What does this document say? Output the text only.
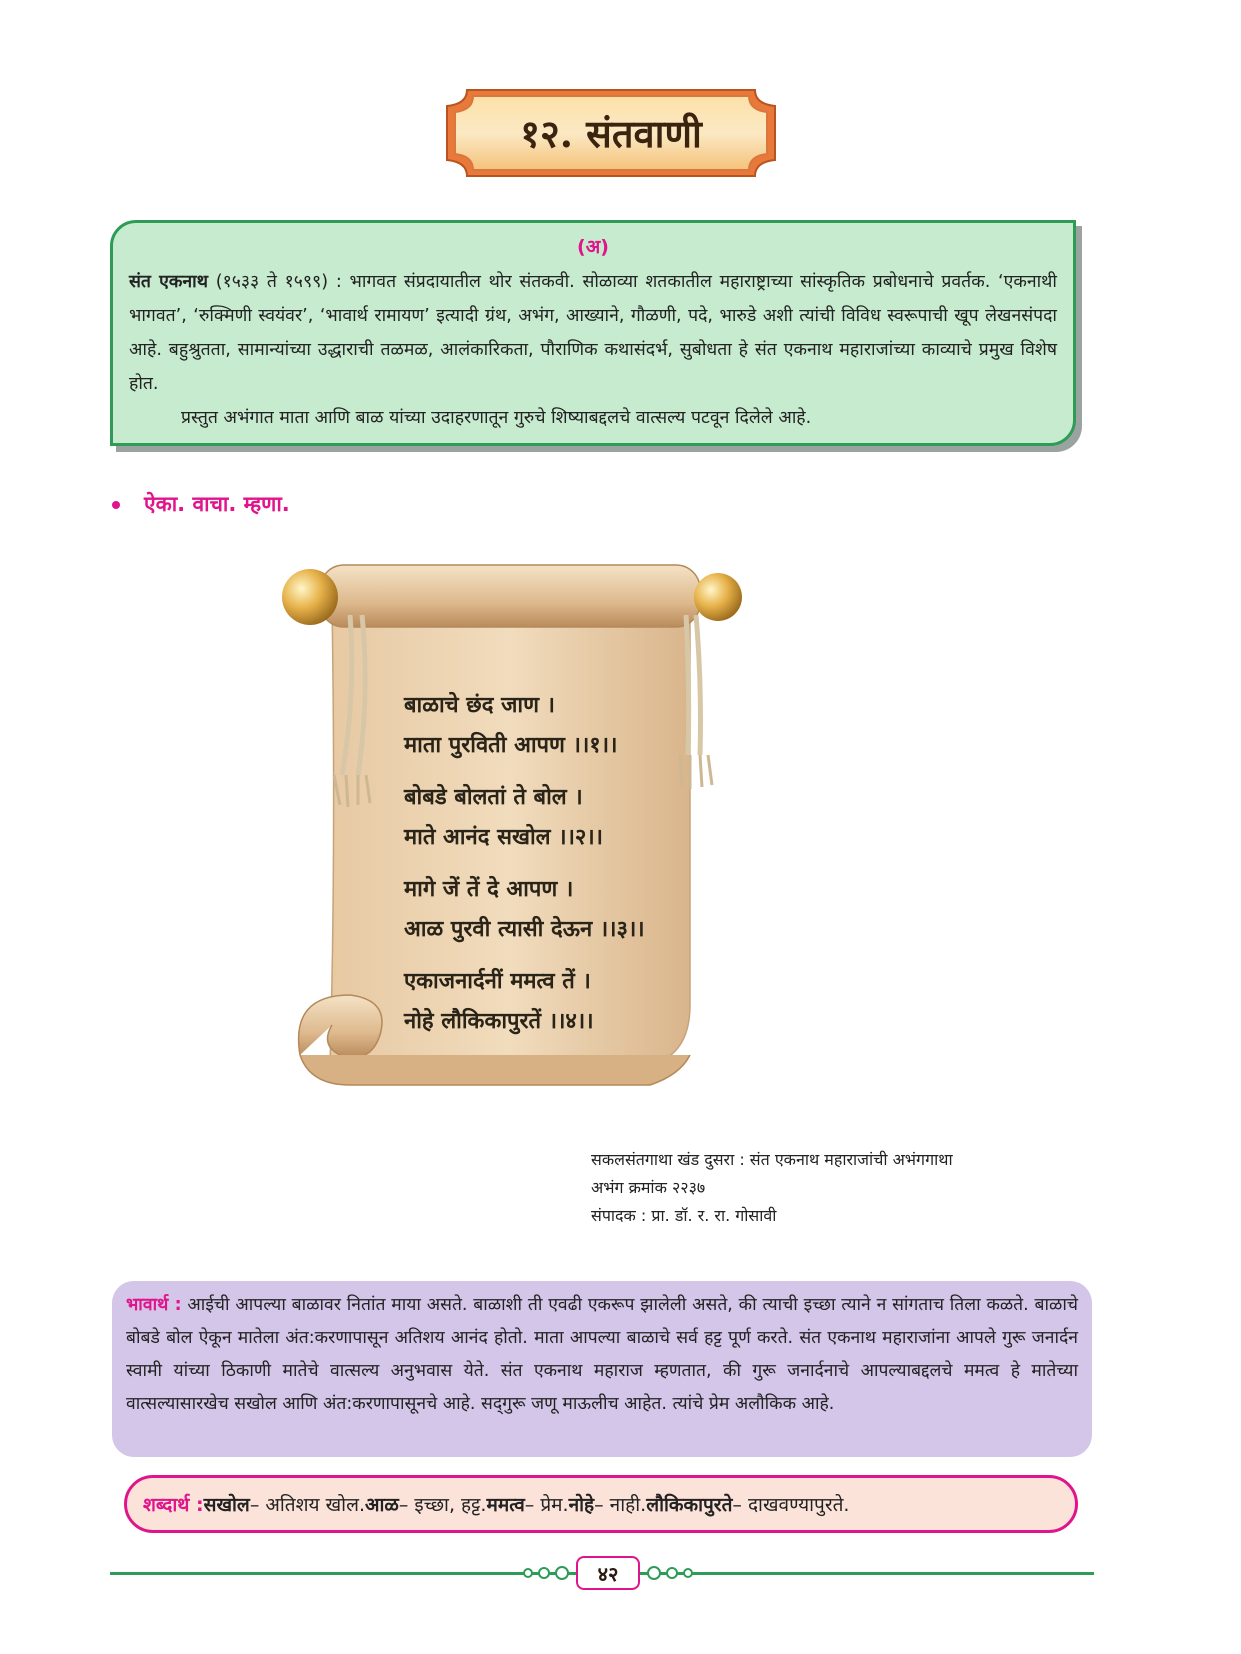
१२. संतवाणी
(अ)

संत एकनाथ (१५३३ ते १५९९) : भागवत संप्रदायातील थोर संतकवी. सोळाव्या शतकातील महाराष्ट्राच्या सांस्कृतिक प्रबोधनाचे प्रवर्तक. ‘एकनाथी भागवत’, ‘रुक्मिणी स्वयंवर’, ‘भावार्थ रामायण’ इत्यादी ग्रंथ, अभंग, आख्याने, गौळणी, पदे, भारुडे अशी त्यांची विविध स्वरूपाची खूप लेखनसंपदा आहे. बहुश्रुतता, सामान्यांच्या उद्धाराची तळमळ, आलंकारिकता, पौराणिक कथासंदर्भ, सुबोधता हे संत एकनाथ महाराजांच्या काव्याचे प्रमुख विशेष होत.

प्रस्तुत अभंगात माता आणि बाळ यांच्या उदाहरणातून गुरुचे शिष्याबद्दलचे वात्सल्य पटवून दिलेले आहे.

ऐका. वाचा. म्हणा.
बाळाचे छंद जाण ।
माता पुरविती आपण ।।१।।
बोबडे बोलतां ते बोल ।
माते आनंद सखोल ।।२।।
मागे जें तें दे आपण ।
आळ पुरवी त्यासी देऊन ।।३।।
एकाजनार्दनीं ममत्व तें ।
नोहे लौकिकापुरतें ।।४।।
सकलसंतगाथा खंड दुसरा : संत एकनाथ महाराजांची अभंगगाथा
अभंग क्रमांक २२३७
संपादक : प्रा. डॉ. र. रा. गोसावी

भावार्थ : आईची आपल्या बाळावर नितांत माया असते. बाळाशी ती एवढी एकरूप झालेली असते, की त्याची इच्छा त्याने न सांगताच तिला कळते. बाळाचे बोबडे बोल ऐकून मातेला अंत:करणापासून अतिशय आनंद होतो. माता आपल्या बाळाचे सर्व हट्ट पूर्ण करते. संत एकनाथ महाराजांना आपले गुरू जनार्दन स्वामी यांच्या ठिकाणी मातेचे वात्सल्य अनुभवास येते. संत एकनाथ महाराज म्हणतात, की गुरू जनार्दनाचे आपल्याबद्दलचे ममत्व हे मातेच्या वात्सल्यासारखेच सखोल आणि अंत:करणापासूनचे आहे. सद्‌गुरू जणू माऊलीच आहेत. त्यांचे प्रेम अलौकिक आहे.

शब्दार्थ : सखोल – अतिशय खोल. आळ – इच्छा, हट्ट. ममत्व – प्रेम. नोहे – नाही. लौकिकापुरते – दाखवण्यापुरते.
४२
